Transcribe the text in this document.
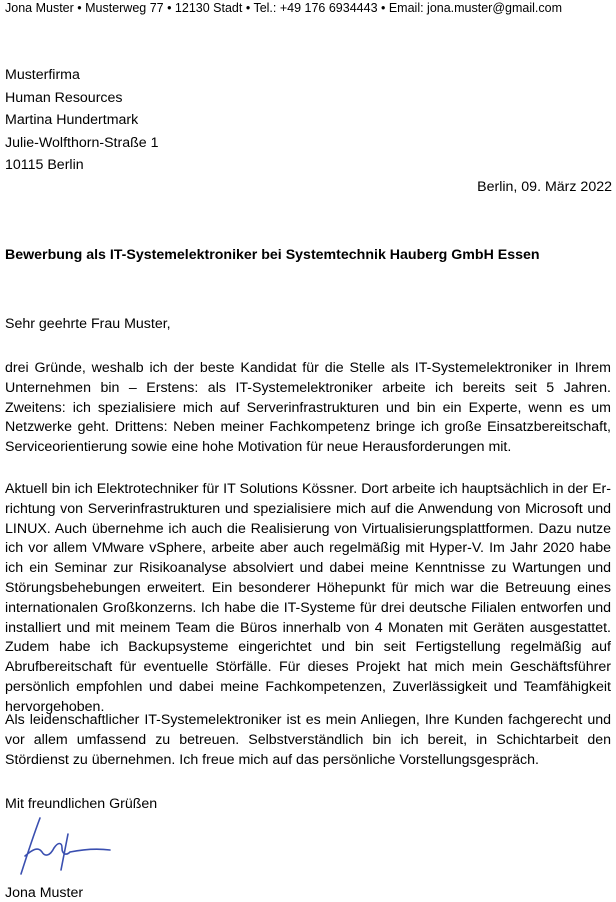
Jona Muster • Musterweg 77 • 12130 Stadt • Tel.: +49 176 6934443 • Email: jona.muster@gmail.com
Musterfirma
Human Resources
Martina Hundertmark
Julie-Wolfthorn-Straße 1
10115 Berlin
Berlin, 09. März 2022
Bewerbung als IT-Systemelektroniker bei Systemtechnik Hauberg GmbH Essen
Sehr geehrte Frau Muster,
drei Gründe, weshalb ich der beste Kandidat für die Stelle als IT-Systemelektroniker in Ihrem Unternehmen bin – Erstens: als IT-Systemelektroniker arbeite ich bereits seit 5 Jahren. Zweitens: ich spezialisiere mich auf Serverinfrastrukturen und bin ein Experte, wenn es um Netzwerke geht. Drittens: Neben meiner Fachkompetenz bringe ich große Einsatzbereitschaft, Serviceorientierung sowie eine hohe Motivation für neue Herausforderungen mit.
Aktuell bin ich Elektrotechniker für IT Solutions Kössner. Dort arbeite ich hauptsächlich in der Errichtung von Serverinfrastrukturen und spezialisiere mich auf die Anwendung von Microsoft und LINUX. Auch übernehme ich auch die Realisierung von Virtualisierungsplattformen. Dazu nutze ich vor allem VMware vSphere, arbeite aber auch regelmäßig mit Hyper-V. Im Jahr 2020 habe ich ein Seminar zur Risikoanalyse absolviert und dabei meine Kenntnisse zu Wartungen und Störungsbehebungen erweitert. Ein besonderer Höhepunkt für mich war die Betreuung eines internationalen Großkonzerns. Ich habe die IT-Systeme für drei deutsche Filialen entworfen und installiert und mit meinem Team die Büros innerhalb von 4 Monaten mit Geräten ausgestattet. Zudem habe ich Backupsysteme eingerichtet und bin seit Fertigstellung regelmäßig auf Abrufbereitschaft für eventuelle Störfälle. Für dieses Projekt hat mich mein Geschäftsführer persönlich empfohlen und dabei meine Fachkompetenzen, Zuverlässigkeit und Teamfähigkeit hervorgehoben.
Als leidenschaftlicher IT-Systemelektroniker ist es mein Anliegen, Ihre Kunden fachgerecht und vor allem umfassend zu betreuen. Selbstverständlich bin ich bereit, in Schichtarbeit den Stördienst zu übernehmen. Ich freue mich auf das persönliche Vorstellungsgespräch.
Mit freundlichen Grüßen
Jona Muster
